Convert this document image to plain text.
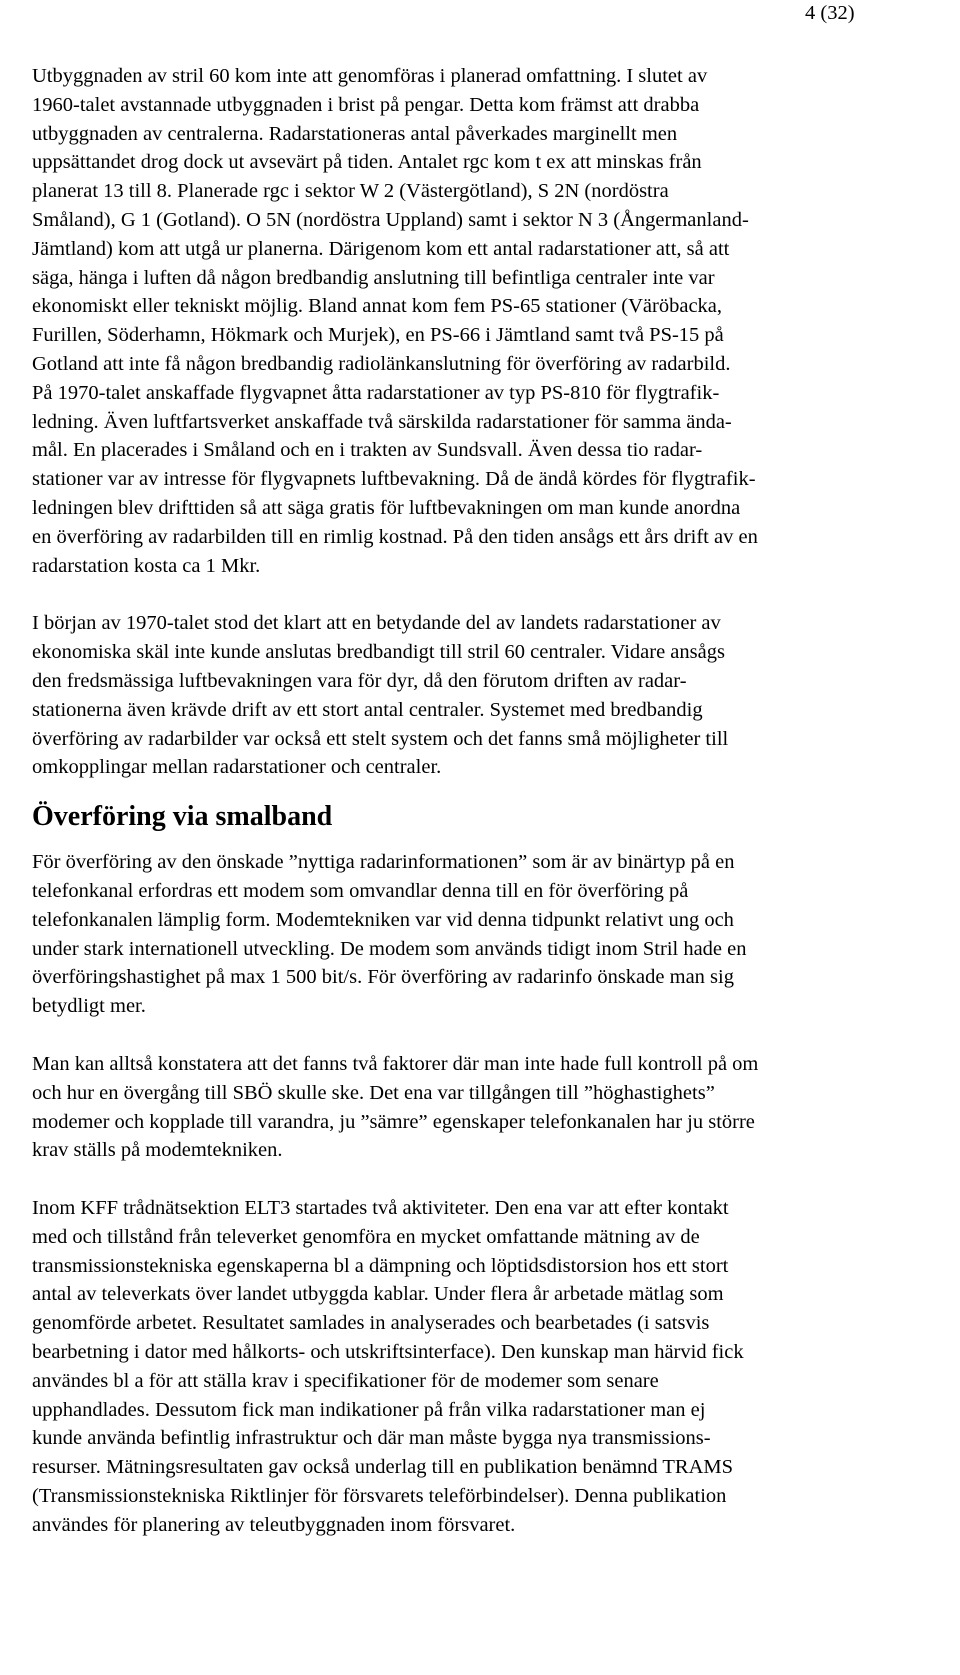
4 (32)

Utbyggnaden av stril 60 kom inte att genomföras i planerad omfattning. I slutet av
1960-talet avstannade utbyggnaden i brist på pengar. Detta kom främst att drabba
utbyggnaden av centralerna. Radarstationeras antal påverkades marginellt men
uppsättandet drog dock ut avsevärt på tiden. Antalet rgc kom t ex att minskas från
planerat 13 till 8. Planerade rgc i sektor W 2 (Västergötland), S 2N (nordöstra
Småland), G 1 (Gotland). O 5N (nordöstra Uppland) samt i sektor N 3 (Ångermanland-
Jämtland) kom att utgå ur planerna. Därigenom kom ett antal radarstationer att, så att
säga, hänga i luften då någon bredbandig anslutning till befintliga centraler inte var
ekonomiskt eller tekniskt möjlig. Bland annat kom fem PS-65 stationer (Väröbacka,
Furillen, Söderhamn, Hökmark och Murjek), en PS-66 i Jämtland samt två PS-15 på
Gotland att inte få någon bredbandig radiolänkanslutning för överföring av radarbild.
På 1970-talet anskaffade flygvapnet åtta radarstationer av typ PS-810 för flygtrafik-
ledning. Även luftfartsverket anskaffade två särskilda radarstationer för samma ända-
mål. En placerades i Småland och en i trakten av Sundsvall. Även dessa tio radar-
stationer var av intresse för flygvapnets luftbevakning. Då de ändå kördes för flygtrafik-
ledningen blev drifttiden så att säga gratis för luftbevakningen om man kunde anordna
en överföring av radarbilden till en rimlig kostnad. På den tiden ansågs ett års drift av en
radarstation kosta ca 1 Mkr.

I början av 1970-talet stod det klart att en betydande del av landets radarstationer av
ekonomiska skäl inte kunde anslutas bredbandigt till stril 60 centraler. Vidare ansågs
den fredsmässiga luftbevakningen vara för dyr, då den förutom driften av radar-
stationerna även krävde drift av ett stort antal centraler. Systemet med bredbandig
överföring av radarbilder var också ett stelt system och det fanns små möjligheter till
omkopplingar mellan radarstationer och centraler.

Överföring via smalband

För överföring av den önskade ”nyttiga radarinformationen” som är av binärtyp på en
telefonkanal erfordras ett modem som omvandlar denna till en för överföring på
telefonkanalen lämplig form. Modemtekniken var vid denna tidpunkt relativt ung och
under stark internationell utveckling. De modem som används tidigt inom Stril hade en
överföringshastighet på max 1 500 bit/s. För överföring av radarinfo önskade man sig
betydligt mer.

Man kan alltså konstatera att det fanns två faktorer där man inte hade full kontroll på om
och hur en övergång till SBÖ skulle ske. Det ena var tillgången till ”höghastighets”
modemer och kopplade till varandra, ju ”sämre” egenskaper telefonkanalen har ju större
krav ställs på modemtekniken.

Inom KFF trådnätsektion ELT3 startades två aktiviteter. Den ena var att efter kontakt
med och tillstånd från televerket genomföra en mycket omfattande mätning av de
transmissionstekniska egenskaperna bl a dämpning och löptidsdistorsion hos ett stort
antal av televerkats över landet utbyggda kablar. Under flera år arbetade mätlag som
genomförde arbetet. Resultatet samlades in analyserades och bearbetades (i satsvis
bearbetning i dator med hålkorts- och utskriftsinterface). Den kunskap man härvid fick
användes bl a för att ställa krav i specifikationer för de modemer som senare
upphandlades. Dessutom fick man indikationer på från vilka radarstationer man ej
kunde använda befintlig infrastruktur och där man måste bygga nya transmissions-
resurser. Mätningsresultaten gav också underlag till en publikation benämnd TRAMS
(Transmissionstekniska Riktlinjer för försvarets teleförbindelser). Denna publikation
användes för planering av teleutbyggnaden inom försvaret.
